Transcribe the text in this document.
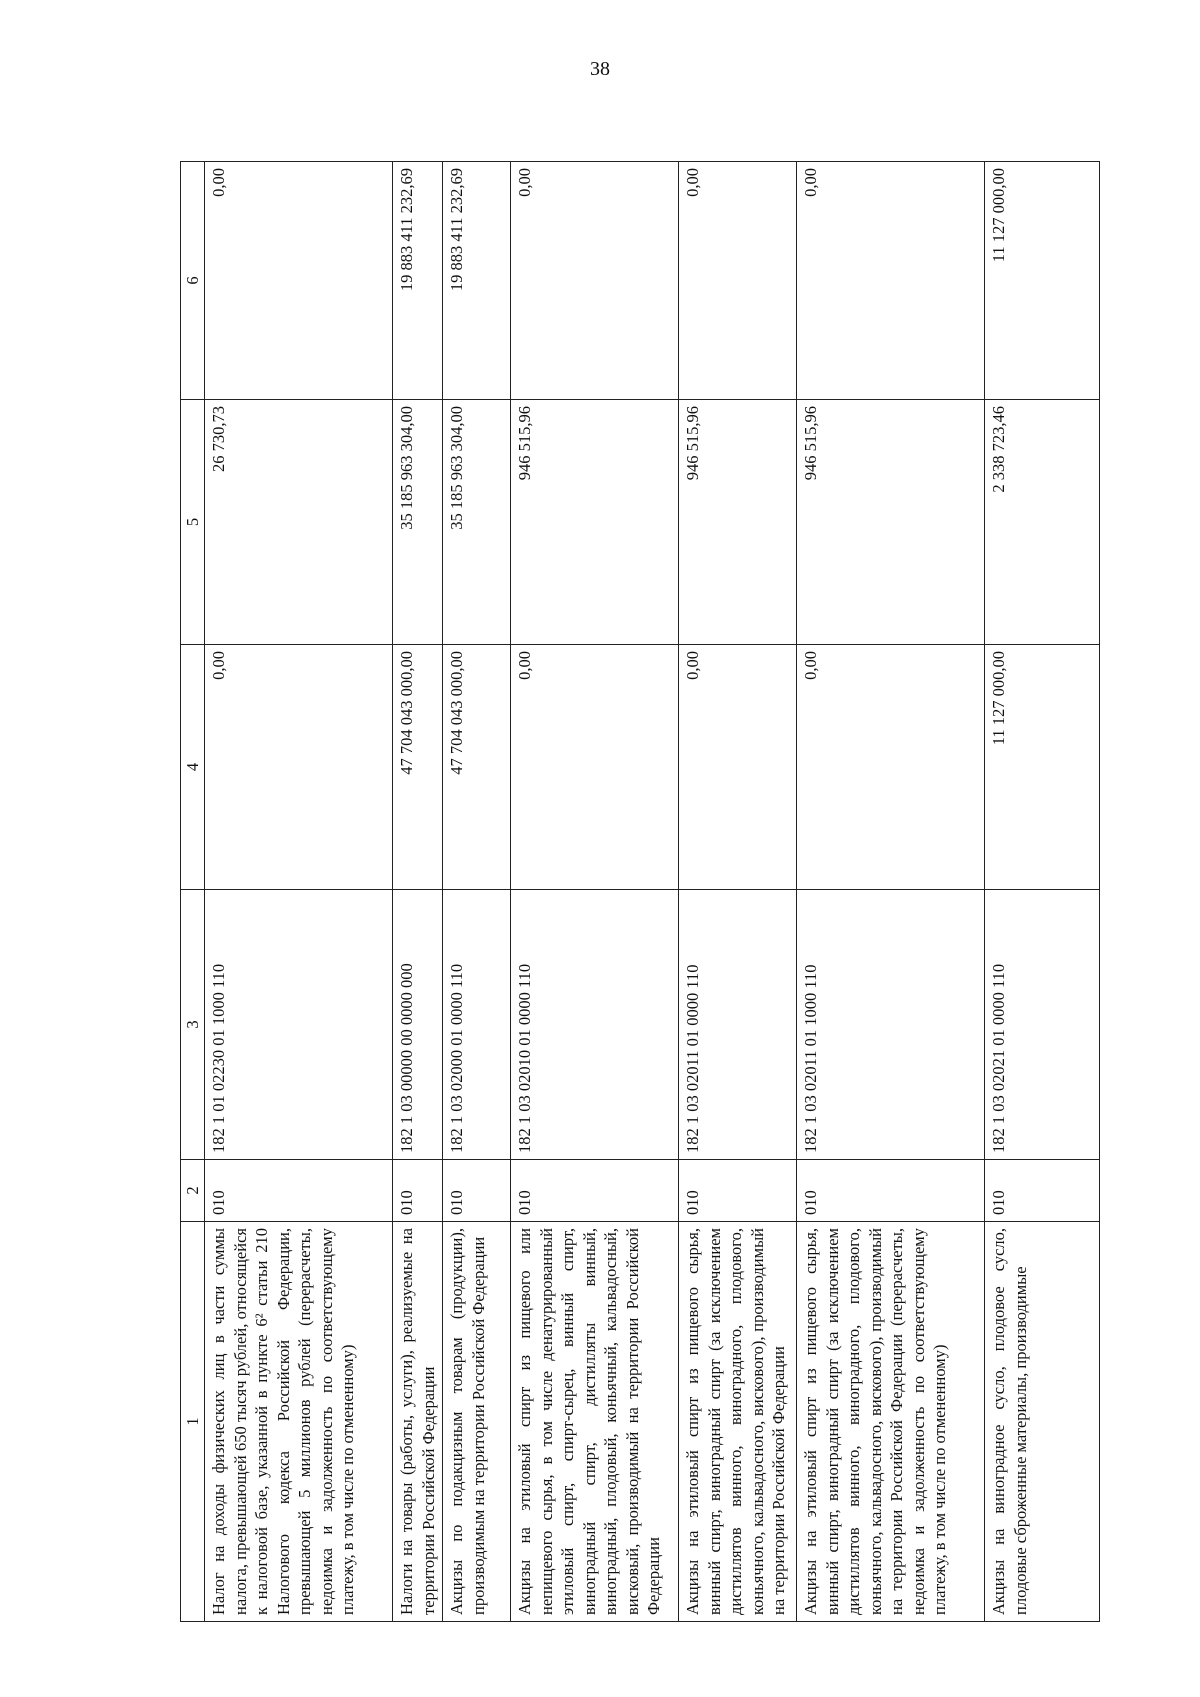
38
1	2	3	4	5	6
Налог на доходы физических лиц в части суммы налога, превышающей 650 тысяч рублей, относящейся к налоговой базе, указанной в пункте 6² статьи 210 Налогового кодекса Российской Федерации, превышающей 5 миллионов рублей (перерасчеты, недоимка и задолженность по соответствующему платежу, в том числе по отмененному)	010	182 1 01 02230 01 1000 110	0,00	26 730,73	0,00
Налоги на товары (работы, услуги), реализуемые на территории Российской Федерации	010	182 1 03 00000 00 0000 000	47 704 043 000,00	35 185 963 304,00	19 883 411 232,69
Акцизы по подакцизным товарам (продукции), производимым на территории Российской Федерации	010	182 1 03 02000 01 0000 110	47 704 043 000,00	35 185 963 304,00	19 883 411 232,69
Акцизы на этиловый спирт из пищевого или непищевого сырья, в том числе денатурированный этиловый спирт, спирт-сырец, винный спирт, виноградный спирт, дистилляты винный, виноградный, плодовый, коньячный, кальвадосный, висковый, производимый на территории Российской Федерации	010	182 1 03 02010 01 0000 110	0,00	946 515,96	0,00
Акцизы на этиловый спирт из пищевого сырья, винный спирт, виноградный спирт (за исключением дистиллятов винного, виноградного, плодового, коньячного, кальвадосного, вискового), производимый на территории Российской Федерации	010	182 1 03 02011 01 0000 110	0,00	946 515,96	0,00
Акцизы на этиловый спирт из пищевого сырья, винный спирт, виноградный спирт (за исключением дистиллятов винного, виноградного, плодового, коньячного, кальвадосного, вискового), производимый на территории Российской Федерации (перерасчеты, недоимка и задолженность по соответствующему платежу, в том числе по отмененному)	010	182 1 03 02011 01 1000 110	0,00	946 515,96	0,00
Акцизы на виноградное сусло, плодовое сусло, плодовые сброженные материалы, производимые	010	182 1 03 02021 01 0000 110	11 127 000,00	2 338 723,46	11 127 000,00
